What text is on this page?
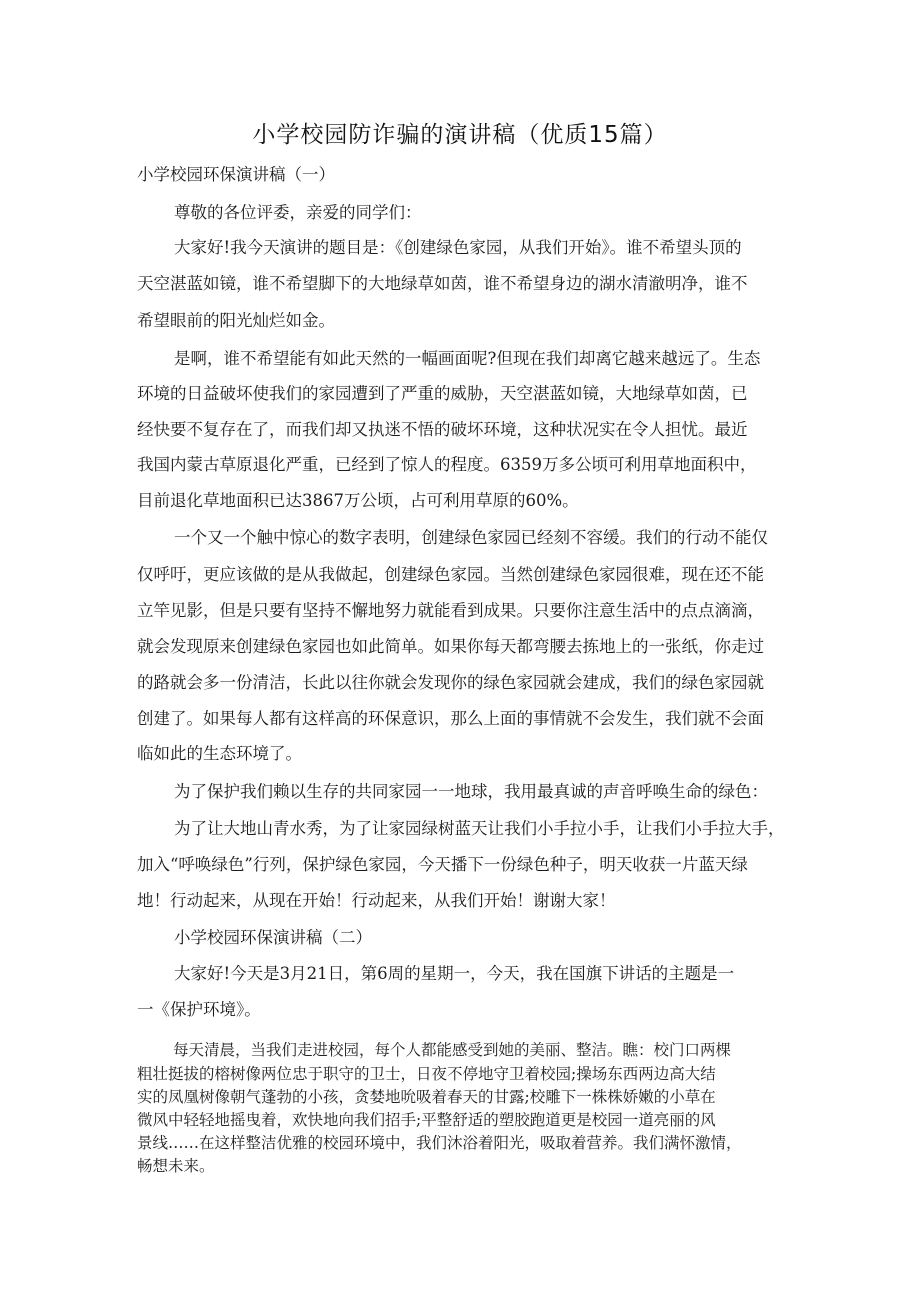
小学校园防诈骗的演讲稿（优质15篇）
小学校园环保演讲稿（一）
尊敬的各位评委，亲爱的同学们：
大家好!我今天演讲的题目是：《创建绿色家园，从我们开始》。谁不希望头顶的
天空湛蓝如镜，谁不希望脚下的大地绿草如茵，谁不希望身边的湖水清澈明净，谁不
希望眼前的阳光灿烂如金。
是啊，谁不希望能有如此天然的一幅画面呢?但现在我们却离它越来越远了。生态
环境的日益破坏使我们的家园遭到了严重的威胁，天空湛蓝如镜，大地绿草如茵，已
经快要不复存在了，而我们却又执迷不悟的破坏环境，这种状况实在令人担忧。最近
我国内蒙古草原退化严重，已经到了惊人的程度。6359万多公顷可利用草地面积中，
目前退化草地面积已达3867万公顷，占可利用草原的60%。
一个又一个触中惊心的数字表明，创建绿色家园已经刻不容缓。我们的行动不能仅
仅呼吁，更应该做的是从我做起，创建绿色家园。当然创建绿色家园很难，现在还不能
立竿见影，但是只要有坚持不懈地努力就能看到成果。只要你注意生活中的点点滴滴，
就会发现原来创建绿色家园也如此简单。如果你每天都弯腰去拣地上的一张纸，你走过
的路就会多一份清洁，长此以往你就会发现你的绿色家园就会建成，我们的绿色家园就
创建了。如果每人都有这样高的环保意识，那么上面的事情就不会发生，我们就不会面
临如此的生态环境了。
为了保护我们赖以生存的共同家园一一地球，我用最真诚的声音呼唤生命的绿色：
为了让大地山青水秀，为了让家园绿树蓝天让我们小手拉小手，让我们小手拉大手，
加入“呼唤绿色”行列，保护绿色家园，今天播下一份绿色种子，明天收获一片蓝天绿
地！行动起来，从现在开始！行动起来，从我们开始！谢谢大家！
小学校园环保演讲稿（二）
大家好!今天是3月21日，第6周的星期一，今天，我在国旗下讲话的主题是一
一《保护环境》。
每天清晨，当我们走进校园，每个人都能感受到她的美丽、整洁。瞧：校门口两棵
粗壮挺拔的榕树像两位忠于职守的卫士，日夜不停地守卫着校园;操场东西两边高大结
实的凤凰树像朝气蓬勃的小孩，贪婪地吮吸着春天的甘露;校雕下一株株娇嫩的小草在
微风中轻轻地摇曳着，欢快地向我们招手;平整舒适的塑胶跑道更是校园一道亮丽的风
景线……在这样整洁优雅的校园环境中，我们沐浴着阳光，吸取着营养。我们满怀激情，
畅想未来。
